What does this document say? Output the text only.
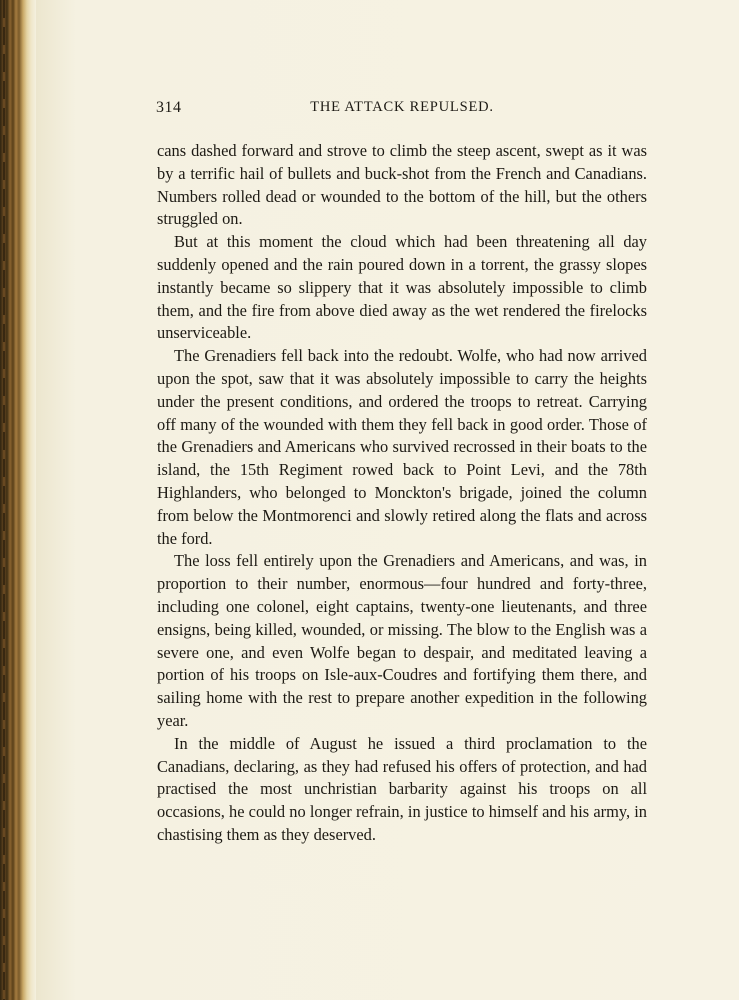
314	THE ATTACK REPULSED.

cans dashed forward and strove to climb the steep ascent, swept as it was by a terrific hail of bullets and buck-shot from the French and Canadians. Numbers rolled dead or wounded to the bottom of the hill, but the others struggled on.

But at this moment the cloud which had been threatening all day suddenly opened and the rain poured down in a torrent, the grassy slopes instantly became so slippery that it was absolutely impossible to climb them, and the fire from above died away as the wet rendered the firelocks unserviceable.

The Grenadiers fell back into the redoubt. Wolfe, who had now arrived upon the spot, saw that it was absolutely impossible to carry the heights under the present conditions, and ordered the troops to retreat. Carrying off many of the wounded with them they fell back in good order. Those of the Grenadiers and Americans who survived recrossed in their boats to the island, the 15th Regiment rowed back to Point Levi, and the 78th Highlanders, who belonged to Monckton's brigade, joined the column from below the Montmorenci and slowly retired along the flats and across the ford.

The loss fell entirely upon the Grenadiers and Americans, and was, in proportion to their number, enormous—four hundred and forty-three, including one colonel, eight captains, twenty-one lieutenants, and three ensigns, being killed, wounded, or missing. The blow to the English was a severe one, and even Wolfe began to despair, and meditated leaving a portion of his troops on Isle-aux-Coudres and fortifying them there, and sailing home with the rest to prepare another expedition in the following year.

In the middle of August he issued a third proclamation to the Canadians, declaring, as they had refused his offers of protection, and had practised the most unchristian barbarity against his troops on all occasions, he could no longer refrain, in justice to himself and his army, in chastising them as they deserved.
